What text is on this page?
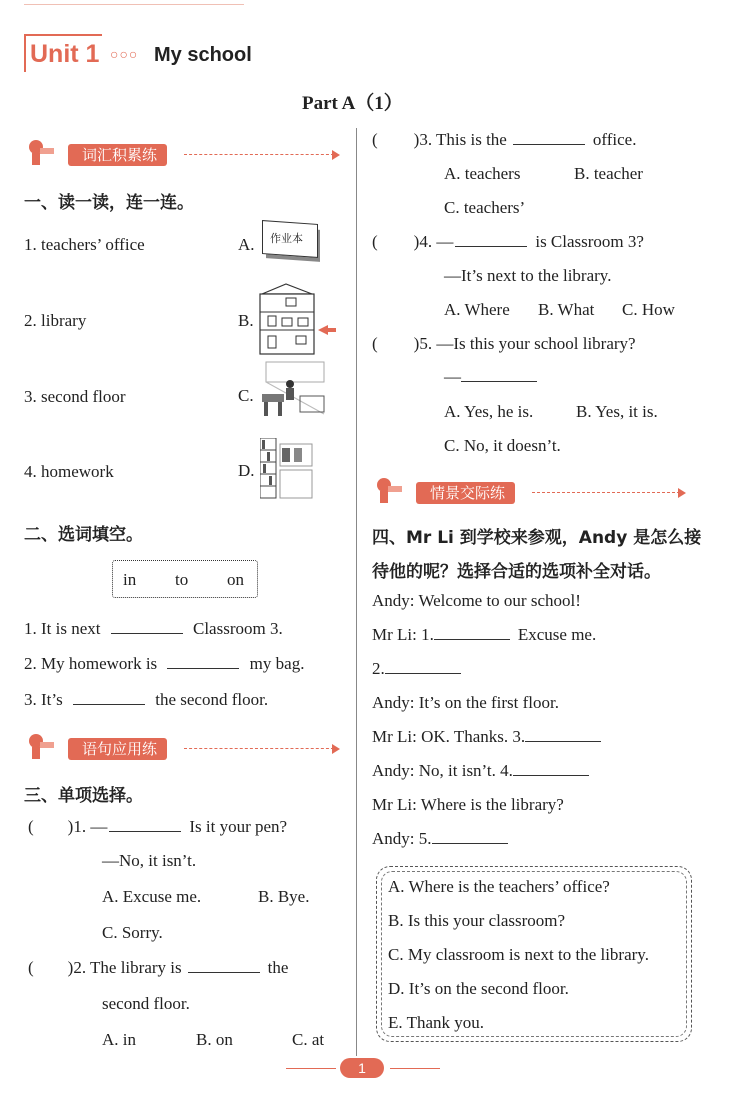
Unit 1 ○○○ My school
Part A（1）
词汇积累练
一、读一读，连一连。
1. teachers’ office
2. library
3. second floor
4. homework
A.
B.
C.
D.
作业本
二、选词填空。
in to on
1. It is next	Classroom 3.
2. My homework is	my bag.
3. It’s	the second floor.
语句应用练
三、单项选择。
( )1. —	Is it your pen?
—No, it isn’t.
A. Excuse me.	B. Bye.
C. Sorry.
( )2. The library is	the
second floor.
A. in	B. on	C. at
( )3. This is the	office.
A. teachers	B. teacher
C. teachers’
( )4. —	is Classroom 3?
—It’s next to the library.
A. Where B. What C. How
( )5. —Is this your school library?
—
A. Yes, he is.	B. Yes, it is.
C. No, it doesn’t.
情景交际练
四、Mr Li 到学校来参观，Andy 是怎么接
待他的呢？选择合适的选项补全对话。
Andy: Welcome to our school!
Mr Li: 1.	Excuse me.
2.
Andy: It’s on the first floor.
Mr Li: OK. Thanks. 3.
Andy: No, it isn’t. 4.
Mr Li: Where is the library?
Andy: 5.
A. Where is the teachers’ office?
B. Is this your classroom?
C. My classroom is next to the library.
D. It’s on the second floor.
E. Thank you.
1
